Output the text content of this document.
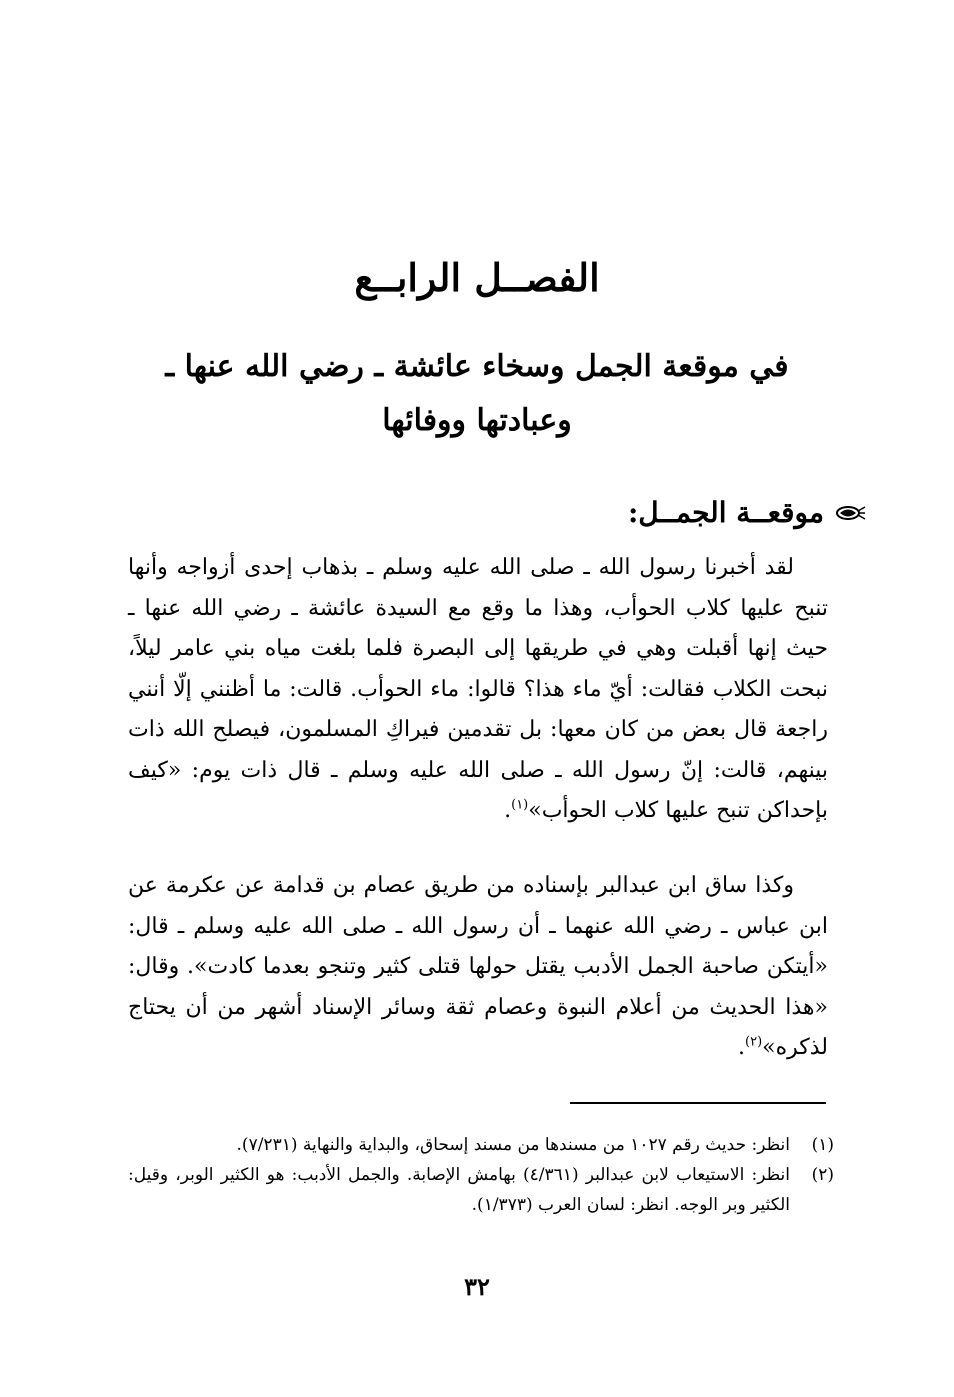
الفصــل الرابــع
في موقعة الجمل وسخاء عائشة ـ رضي الله عنها ـ
وعبادتها ووفائها
موقعــة الجمــل:

لقد أخبرنا رسول الله ـ صلى الله عليه وسلم ـ بذهاب إحدى أزواجه وأنها تنبح عليها كلاب الحوأب، وهذا ما وقع مع السيدة عائشة ـ رضي الله عنها ـ حيث إنها أقبلت وهي في طريقها إلى البصرة فلما بلغت مياه بني عامر ليلاً، نبحت الكلاب فقالت: أيّ ماء هذا؟ قالوا: ماء الحوأب. قالت: ما أظنني إلّا أنني راجعة قال بعض من كان معها: بل تقدمين فيراكِ المسلمون، فيصلح الله ذات بينهم، قالت: إنّ رسول الله ـ صلى الله عليه وسلم ـ قال ذات يوم: «كيف بإحداكن تنبح عليها كلاب الحوأب»$^{(١)}$.

وكذا ساق ابن عبدالبر بإسناده من طريق عصام بن قدامة عن عكرمة عن ابن عباس ـ رضي الله عنهما ـ أن رسول الله ـ صلى الله عليه وسلم ـ قال: «أيتكن صاحبة الجمل الأدبب يقتل حولها قتلى كثير وتنجو بعدما كادت». وقال: «هذا الحديث من أعلام النبوة وعصام ثقة وسائر الإسناد أشهر من أن يحتاج لذكره»$^{(٢)}$.

(١)
انظر: حديث رقم ١٠٢٧ من مسندها من مسند إسحاق، والبداية والنهاية (٧/٢٣١).
(٢)
انظر: الاستيعاب لابن عبدالبر (٤/٣٦١) بهامش الإصابة. والجمل الأدبب: هو الكثير الوبر، وقيل: الكثير وبر الوجه. انظر: لسان العرب (١/٣٧٣).
٣٢
